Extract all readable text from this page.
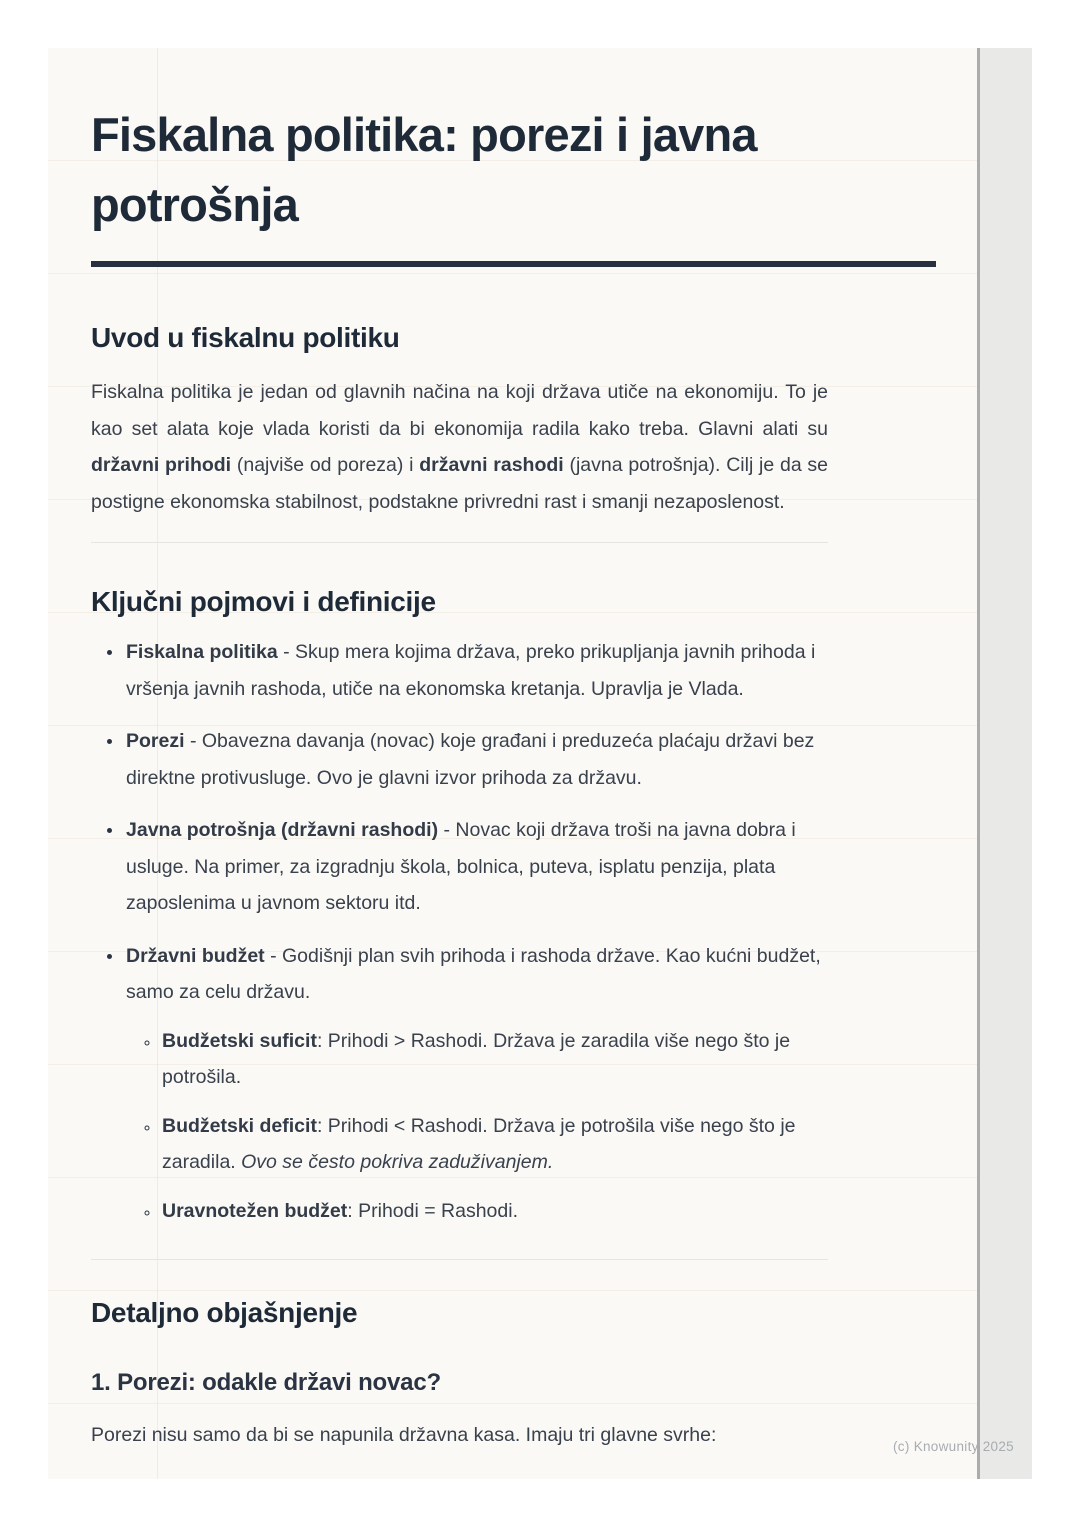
Fiskalna politika: porezi i javna potrošnja
Uvod u fiskalnu politiku

Fiskalna politika je jedan od glavnih načina na koji država utiče na ekonomiju. To je kao set alata koje vlada koristi da bi ekonomija radila kako treba. Glavni alati su državni prihodi (najviše od poreza) i državni rashodi (javna potrošnja). Cilj je da se postigne ekonomska stabilnost, podstakne privredni rast i smanji nezaposlenost.

Ključni pojmovi i definicije
• Fiskalna politika - Skup mera kojima država, preko prikupljanja javnih prihoda i vršenja javnih rashoda, utiče na ekonomska kretanja. Upravlja je Vlada.
• Porezi - Obavezna davanja (novac) koje građani i preduzeća plaćaju državi bez direktne protivusluge. Ovo je glavni izvor prihoda za državu.
• Javna potrošnja (državni rashodi) - Novac koji država troši na javna dobra i usluge. Na primer, za izgradnju škola, bolnica, puteva, isplatu penzija, plata zaposlenima u javnom sektoru itd.
• Državni budžet - Godišnji plan svih prihoda i rashoda države. Kao kućni budžet, samo za celu državu.
◦ Budžetski suficit: Prihodi > Rashodi. Država je zaradila više nego što je potrošila.
◦ Budžetski deficit: Prihodi < Rashodi. Država je potrošila više nego što je zaradila. Ovo se često pokriva zaduživanjem.
◦ Uravnotežen budžet: Prihodi = Rashodi.
Detaljno objašnjenje
1. Porezi: odakle državi novac?

Porezi nisu samo da bi se napunila državna kasa. Imaju tri glavne svrhe:

(c) Knowunity 2025
